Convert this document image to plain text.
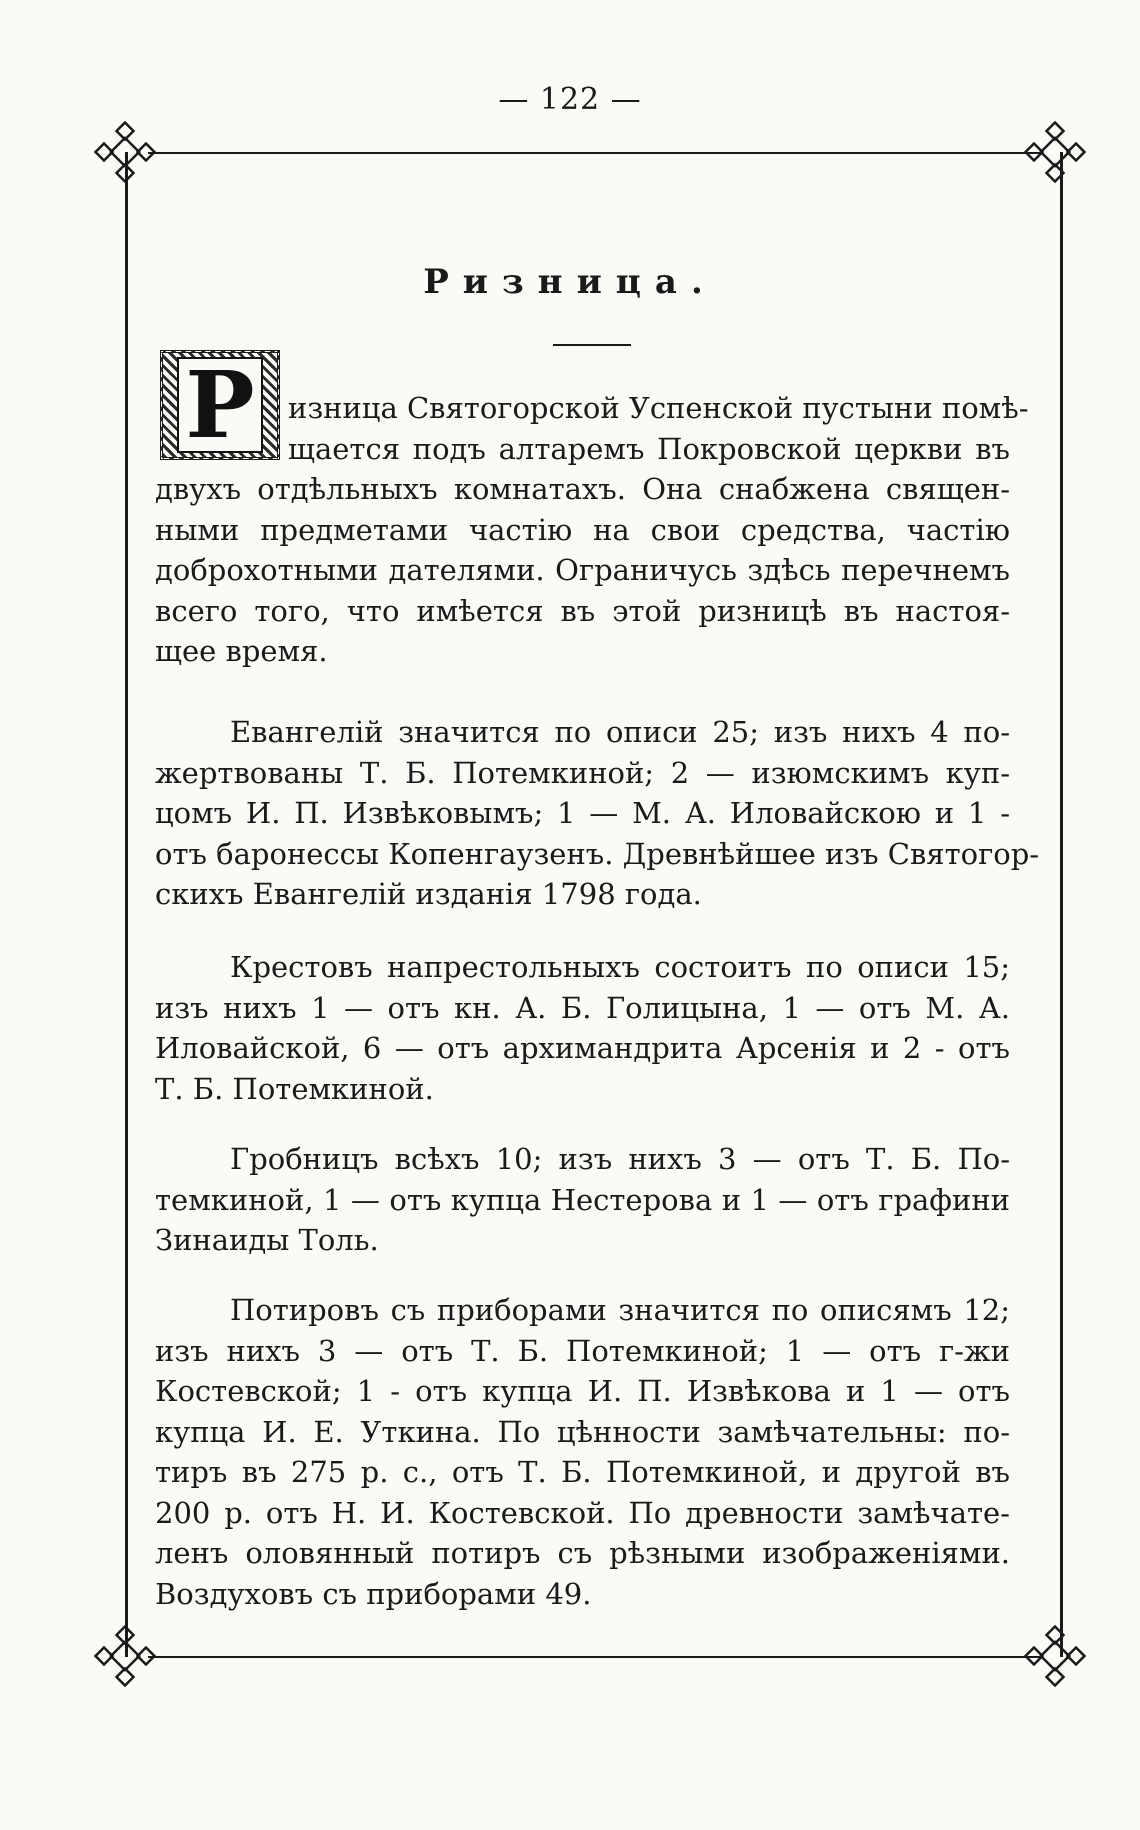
— 122 —
Ризница.
Р	изница Святогорской Успенской пустыни помѣ-
щается подъ алтаремъ Покровской церкви въ
двухъ отдѣльныхъ комнатахъ. Она снабжена священ-
ными предметами частію на свои средства, частію
доброхотными дателями. Ограничусь здѣсь перечнемъ
всего того, что имѣется въ этой ризницѣ въ настоя-
щее время.
Евангелій значится по описи 25; изъ нихъ 4 по-
жертвованы Т. Б. Потемкиной; 2 — изюмскимъ куп-
цомъ И. П. Извѣковымъ; 1 — М. А. Иловайскою и 1 -
отъ баронессы Копенгаузенъ. Древнѣйшее изъ Святогор-
скихъ Евангелій изданія 1798 года.
Крестовъ напрестольныхъ состоитъ по описи 15;
изъ нихъ 1 — отъ кн. А. Б. Голицына, 1 — отъ М. А.
Иловайской, 6 — отъ архимандрита Арсенія и 2 - отъ
Т. Б. Потемкиной.
Гробницъ всѣхъ 10; изъ нихъ 3 — отъ Т. Б. По-
темкиной, 1 — отъ купца Нестерова и 1 — отъ графини
Зинаиды Толь.
Потировъ съ приборами значится по описямъ 12;
изъ нихъ 3 — отъ Т. Б. Потемкиной; 1 — отъ г-жи
Костевской; 1 - отъ купца И. П. Извѣкова и 1 — отъ
купца И. Е. Уткина. По цѣнности замѣчательны: по-
тиръ въ 275 р. с., отъ Т. Б. Потемкиной, и другой въ
200 р. отъ Н. И. Костевской. По древности замѣчате-
ленъ оловянный потиръ съ рѣзными изображеніями.
Воздуховъ съ приборами 49.
